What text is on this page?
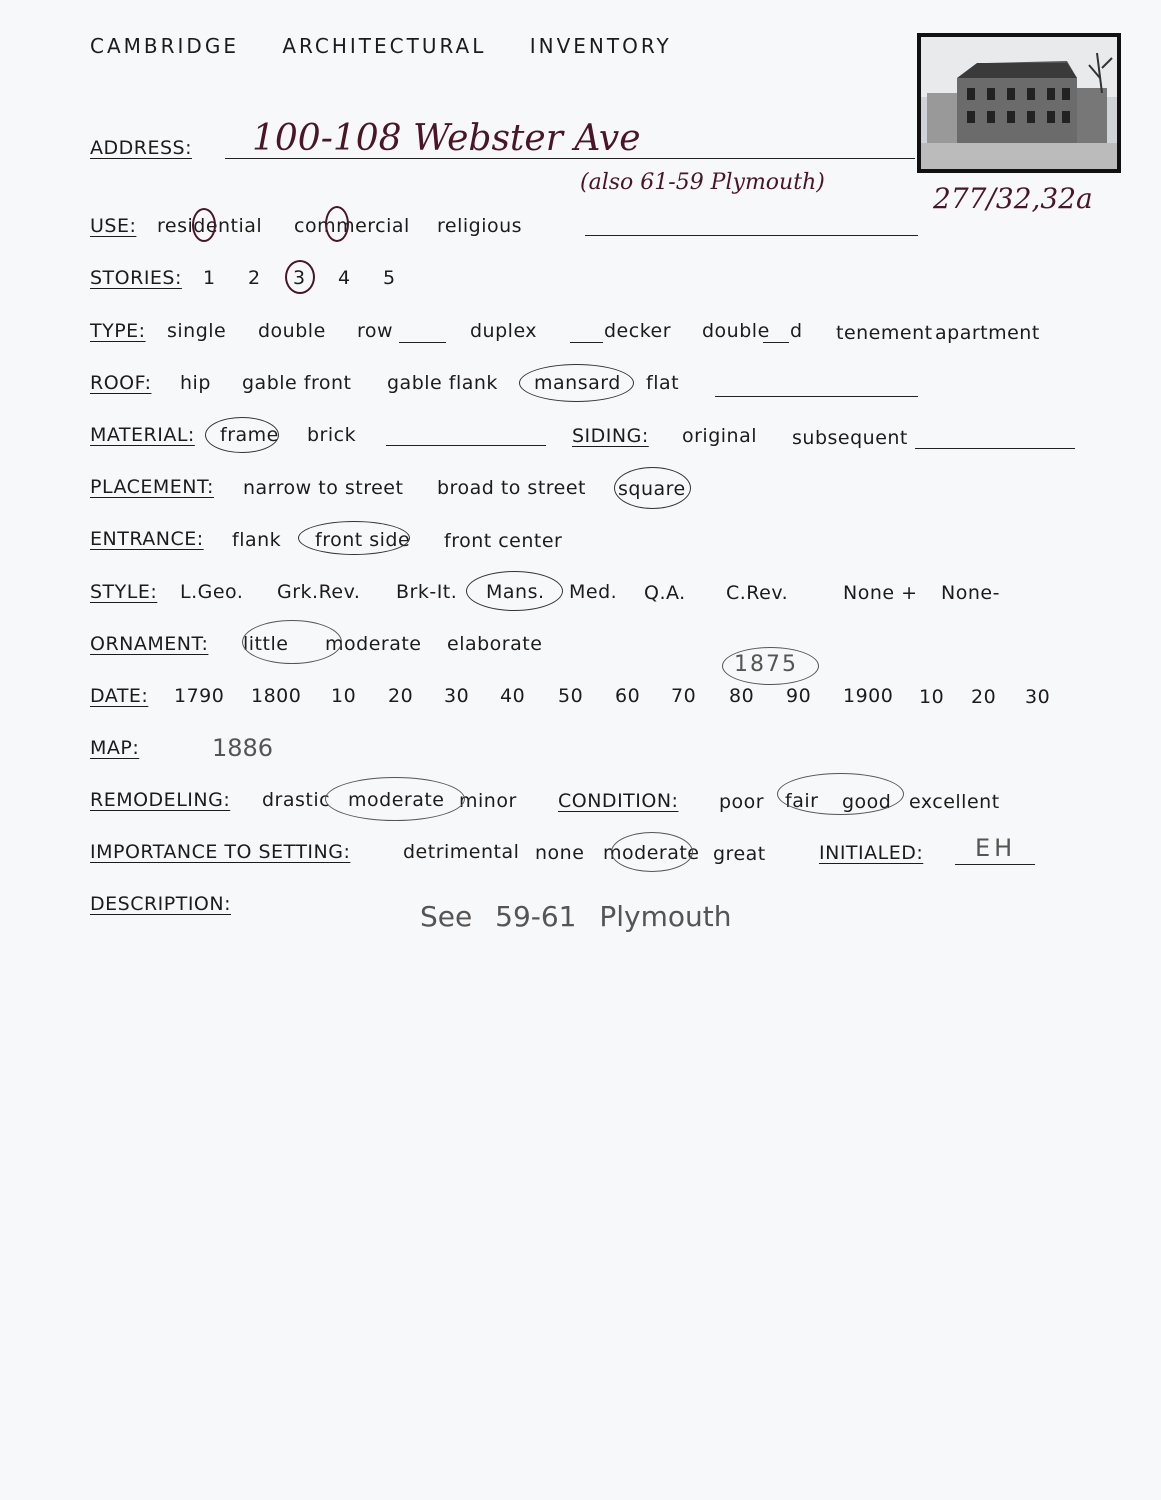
CAMBRIDGE ARCHITECTURAL INVENTORY
ADDRESS: 100-108 Webster Ave
(also 61-59 Plymouth)	277/32,32a
USE: residential commercial religious
STORIES: 1 2 3 4 5
TYPE: single double row	duplex	decker double d tenement apartment
ROOF: hip gable front gable flank mansard flat
MATERIAL: frame brick	SIDING: original subsequent
PLACEMENT: narrow to street broad to street square
ENTRANCE: flank front side front center
STYLE: L.Geo. Grk.Rev. Brk-It. Mans. Med. Q.A. C.Rev.	None + None-
ORNAMENT: little moderate elaborate
DATE: 1790 1800 10 20 30 40 50 60 70 80 90 1900 10 20 30
1875
MAP:	1886
REMODELING: drastic moderate minor CONDITION: poor fair good excellent
IMPORTANCE TO SETTING:	detrimental none moderate great	INITIALED: EH
DESCRIPTION:	See 59-61 Plymouth
